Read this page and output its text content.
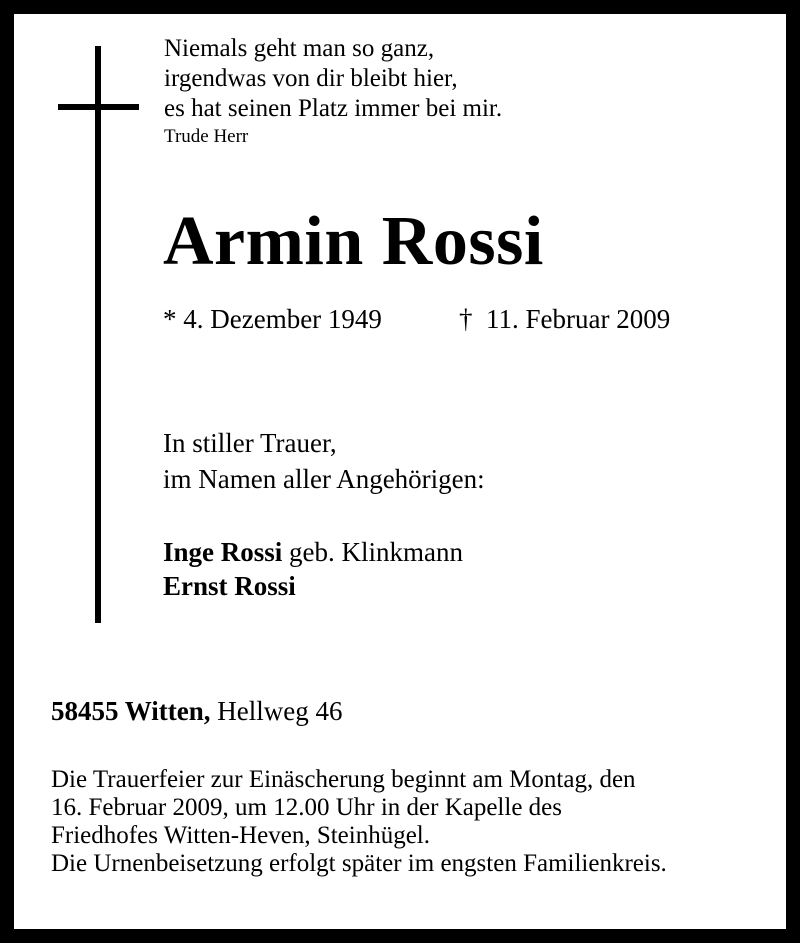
Niemals geht man so ganz,
irgendwas von dir bleibt hier,
es hat seinen Platz immer bei mir.
Trude Herr
Armin Rossi
* 4. Dezember 1949	† 11. Februar 2009
In stiller Trauer,
im Namen aller Angehörigen:
Inge Rossi geb. Klinkmann
Ernst Rossi
58455 Witten, Hellweg 46
Die Trauerfeier zur Einäscherung beginnt am Montag, den
16. Februar 2009, um 12.00 Uhr in der Kapelle des
Friedhofes Witten-Heven, Steinhügel.
Die Urnenbeisetzung erfolgt später im engsten Familienkreis.
